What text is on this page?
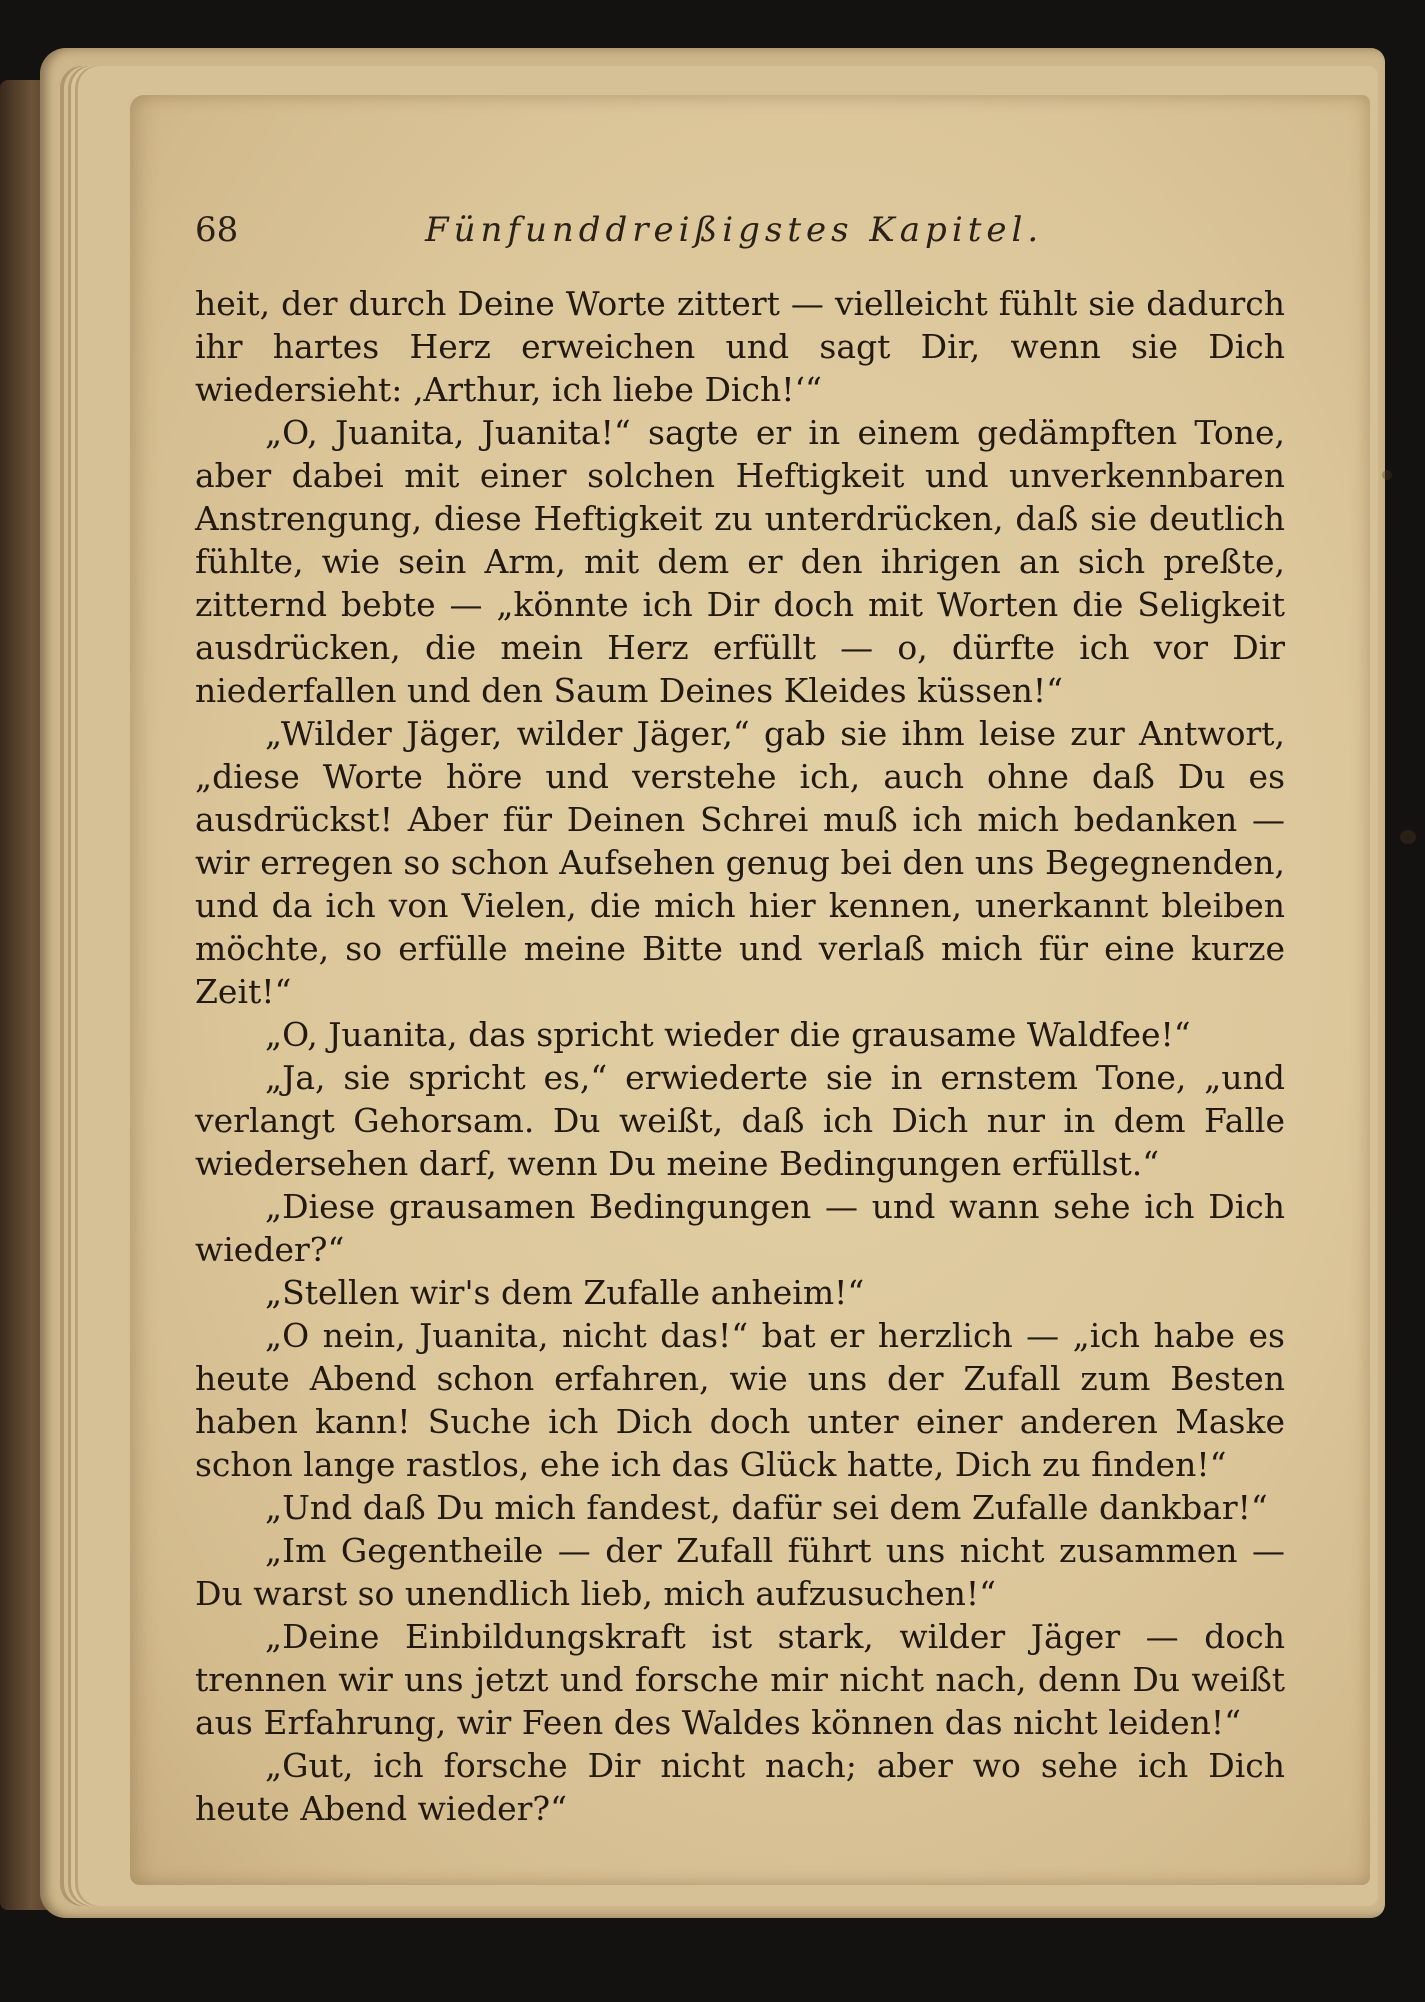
68	Fünfunddreißigstes Kapitel.

heit, der durch Deine Worte zittert — vielleicht fühlt sie dadurch ihr hartes Herz erweichen und sagt Dir, wenn sie Dich wiedersieht: ‚Arthur, ich liebe Dich!‘“

„O, Juanita, Juanita!“ sagte er in einem gedämpften Tone, aber dabei mit einer solchen Heftigkeit und unverkennbaren Anstrengung, diese Heftigkeit zu unterdrücken, daß sie deutlich fühlte, wie sein Arm, mit dem er den ihrigen an sich preßte, zitternd bebte — „könnte ich Dir doch mit Worten die Seligkeit ausdrücken, die mein Herz erfüllt — o, dürfte ich vor Dir niederfallen und den Saum Deines Kleides küssen!“

„Wilder Jäger, wilder Jäger,“ gab sie ihm leise zur Antwort, „diese Worte höre und verstehe ich, auch ohne daß Du es ausdrückst! Aber für Deinen Schrei muß ich mich bedanken — wir erregen so schon Aufsehen genug bei den uns Begegnenden, und da ich von Vielen, die mich hier kennen, unerkannt bleiben möchte, so erfülle meine Bitte und verlaß mich für eine kurze Zeit!“

„O, Juanita, das spricht wieder die grausame Waldfee!“

„Ja, sie spricht es,“ erwiederte sie in ernstem Tone, „und verlangt Gehorsam. Du weißt, daß ich Dich nur in dem Falle wiedersehen darf, wenn Du meine Bedingungen erfüllst.“

„Diese grausamen Bedingungen — und wann sehe ich Dich wieder?“

„Stellen wir's dem Zufalle anheim!“

„O nein, Juanita, nicht das!“ bat er herzlich — „ich habe es heute Abend schon erfahren, wie uns der Zufall zum Besten haben kann! Suche ich Dich doch unter einer anderen Maske schon lange rastlos, ehe ich das Glück hatte, Dich zu finden!“

„Und daß Du mich fandest, dafür sei dem Zufalle dankbar!“

„Im Gegentheile — der Zufall führt uns nicht zusammen — Du warst so unendlich lieb, mich aufzusuchen!“

„Deine Einbildungskraft ist stark, wilder Jäger — doch trennen wir uns jetzt und forsche mir nicht nach, denn Du weißt aus Erfahrung, wir Feen des Waldes können das nicht leiden!“

„Gut, ich forsche Dir nicht nach; aber wo sehe ich Dich heute Abend wieder?“
